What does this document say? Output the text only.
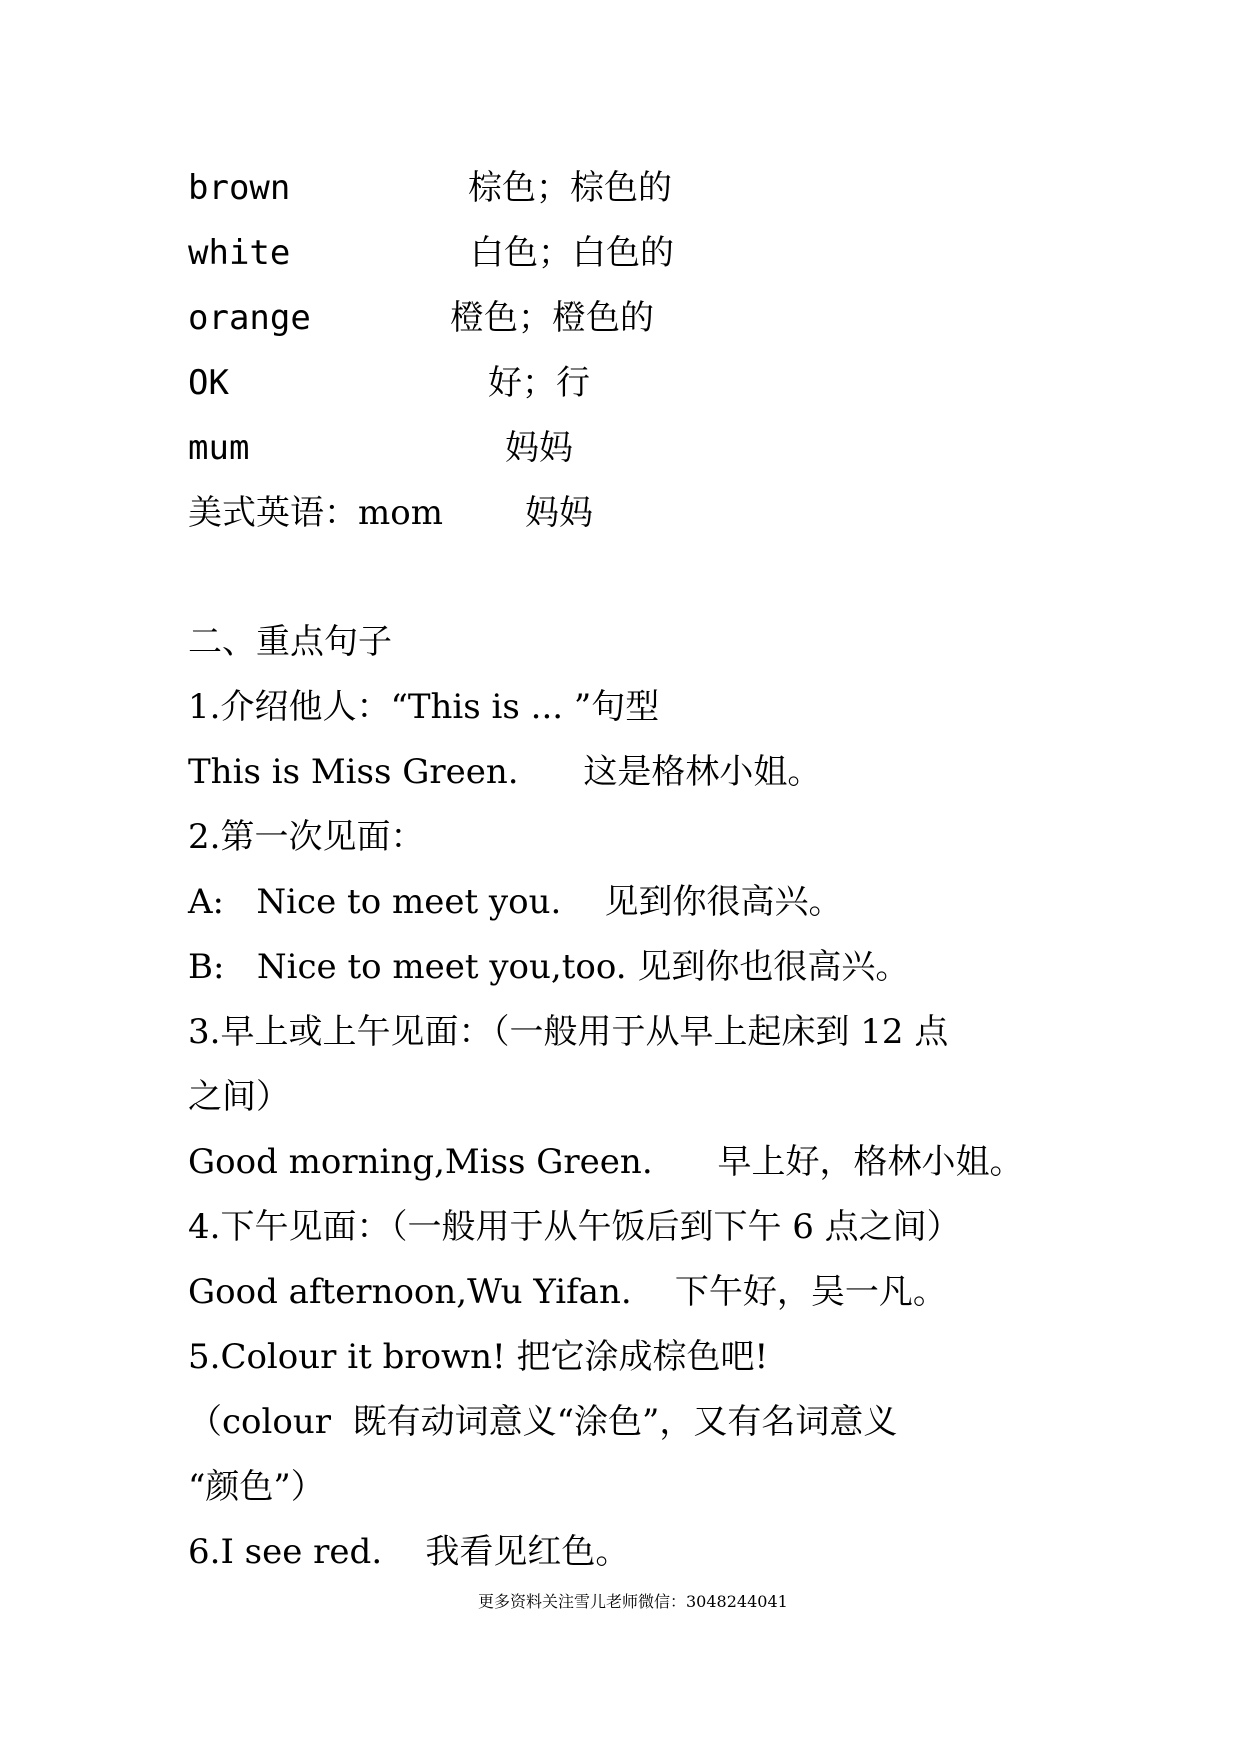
brown	棕色；棕色的
white	白色；白色的
orange	橙色；橙色的
OK	好；行
mum	妈妈
美式英语：mom 妈妈
二、重点句子
1.介绍他人：“This is ... ”句型
This is Miss Green.      这是格林小姐。
2.第一次见面：
A:   Nice to meet you.    见到你很高兴。
B:   Nice to meet you,too. 见到你也很高兴。
3.早上或上午见面：（一般用于从早上起床到 12 点
之间）
Good morning,Miss Green.      早上好，格林小姐。
4.下午见面：（一般用于从午饭后到下午 6 点之间）
Good afternoon,Wu Yifan.    下午好，吴一凡。
5.Colour it brown! 把它涂成棕色吧!
（colour  既有动词意义“涂色”，又有名词意义
“颜色”）
6.I see red.    我看见红色。
更多资料关注雪儿老师微信：3048244041
